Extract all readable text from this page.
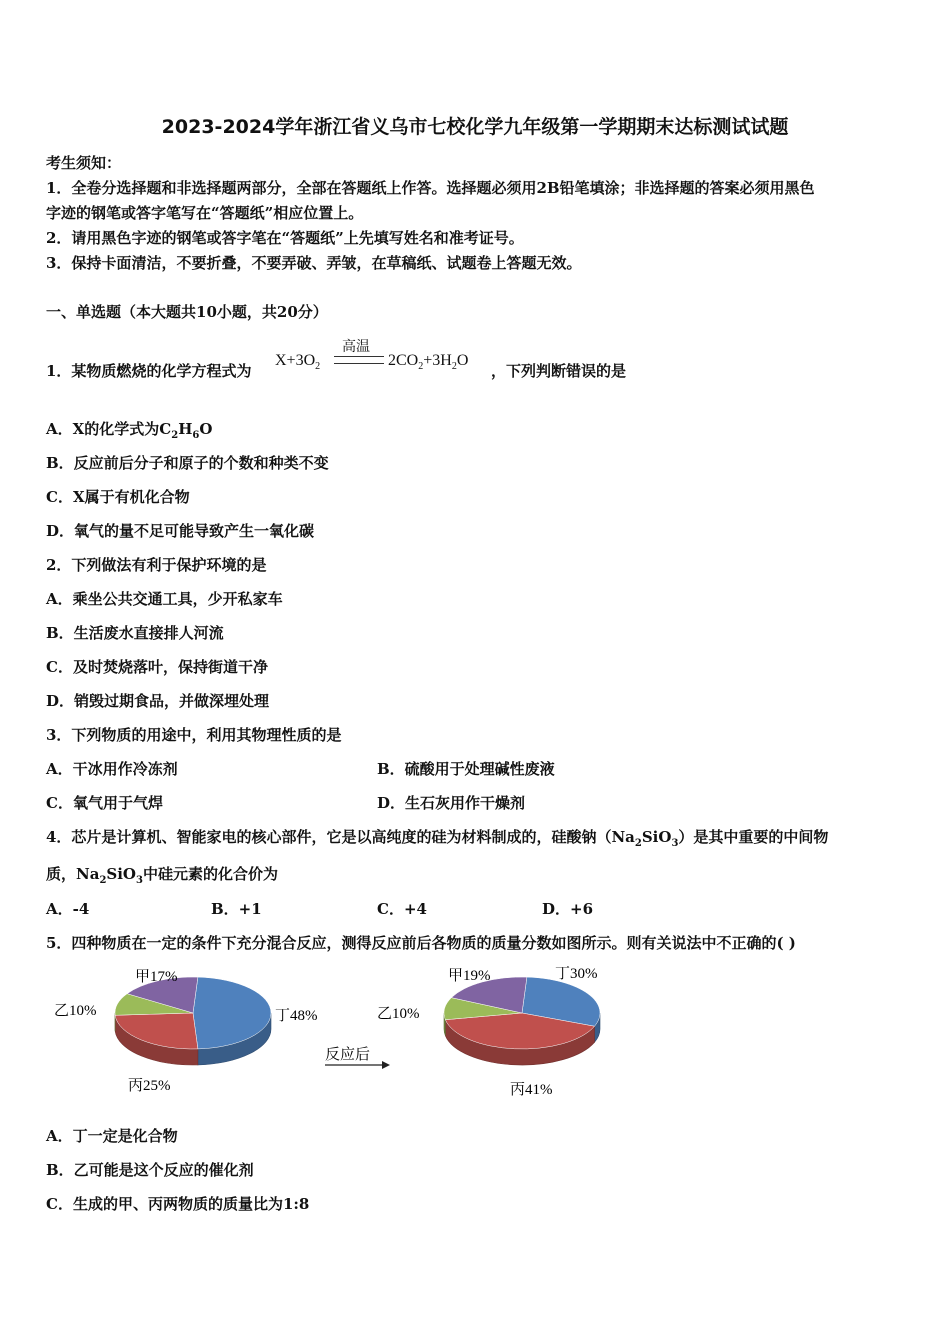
2023-2024学年浙江省义乌市七校化学九年级第一学期期末达标测试试题
考生须知：
1．全卷分选择题和非选择题两部分，全部在答题纸上作答。选择题必须用2B铅笔填涂；非选择题的答案必须用黑色
字迹的钢笔或答字笔写在“答题纸”相应位置上。
2．请用黑色字迹的钢笔或答字笔在“答题纸”上先填写姓名和准考证号。
3．保持卡面清洁，不要折叠，不要弄破、弄皱，在草稿纸、试题卷上答题无效。
一、单选题（本大题共10小题，共20分）
1．某物质燃烧的化学方程式为
$X+3O_2$
高温
$2CO_2+3H_2O$
，下列判断错误的是
A．X的化学式为$C_2H_6O$
B．反应前后分子和原子的个数和种类不变
C．X属于有机化合物
D．氧气的量不足可能导致产生一氧化碳
2．下列做法有利于保护环境的是
A．乘坐公共交通工具，少开私家车
B．生活废水直接排人河流
C．及时焚烧落叶，保持街道干净
D．销毁过期食品，并做深埋处理
3．下列物质的用途中，利用其物理性质的是
A．干冰用作冷冻剂	B．硫酸用于处理碱性废液
C．氧气用于气焊	D．生石灰用作干燥剂
4．芯片是计算机、智能家电的核心部件，它是以高纯度的硅为材料制成的，硅酸钠$(Na_2SiO_3)$是其中重要的中间物
质，$Na_2SiO_3$中硅元素的化合价为
A．-4	B．+1	C．+4	D．+6
5．四种物质在一定的条件下充分混合反应，测得反应前后各物质的质量分数如图所示。则有关说法中不正确的( )
甲17%
乙10%
丙25%
丁48%
甲19%
乙10%
丙41%
丁30%
反应后
A．丁一定是化合物
B．乙可能是这个反应的催化剂
C．生成的甲、丙两物质的质量比为1:8
